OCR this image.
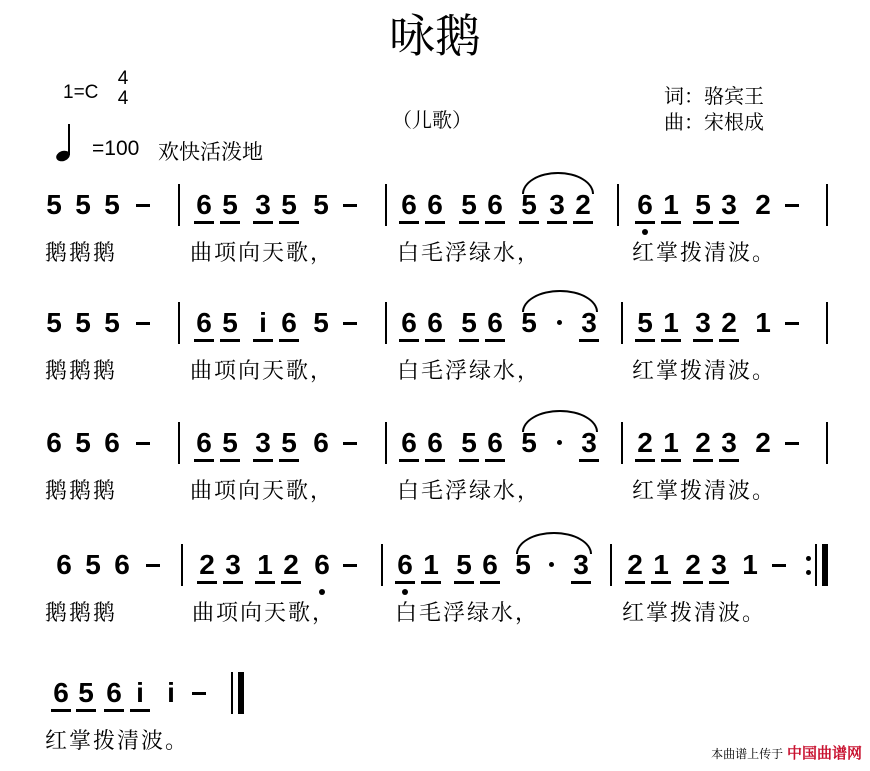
咏鹅
（儿歌）
词：骆宾王
曲：宋根成
1=C
4
4
=100 欢快活泼地
5 5 5	6 5 3 5 5	6 6 5 6 5 3 2 6 1 5 3 2
鹅鹅鹅	曲项向天歌，	白毛浮绿水，	红掌拨清波。
5 5 5	6 5 i 6 5	6 6 5 6 5 3 5 1 3 2 1
鹅鹅鹅	曲项向天歌，	白毛浮绿水，	红掌拨清波。
6 5 6	6 5 3 5 6	6 6 5 6 5 3 2 1 2 3 2
鹅鹅鹅	曲项向天歌，	白毛浮绿水，	红掌拨清波。
6 5 6 2 3 1 2 6 6 1 5 6 5 3 2 1 2 3 1
鹅鹅鹅	曲项向天歌，	白毛浮绿水，	红掌拨清波。
6 5 6 i i
红掌拨清波。	本曲谱上传于 中国曲谱网
